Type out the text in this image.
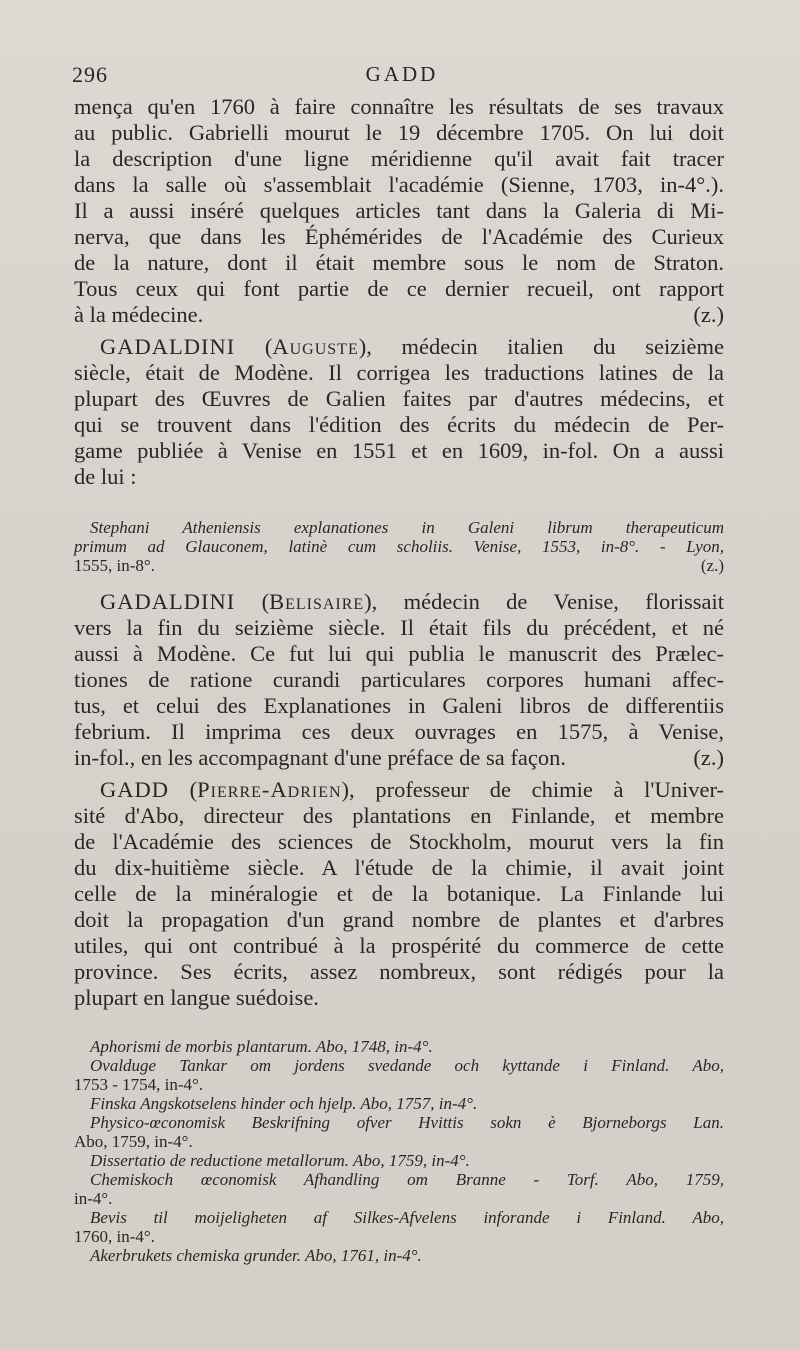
296	GADD
mença qu'en 1760 à faire connaître les résultats de ses travaux
au public. Gabrielli mourut le 19 décembre 1705. On lui doit
la description d'une ligne méridienne qu'il avait fait tracer
dans la salle où s'assemblait l'académie (Sienne, 1703, in-4°.).
Il a aussi inséré quelques articles tant dans la Galeria di Mi-
nerva, que dans les Éphémérides de l'Académie des Curieux
de la nature, dont il était membre sous le nom de Straton.
Tous ceux qui font partie de ce dernier recueil, ont rapport
à la médecine.	(z.)
GADALDINI (Auguste), médecin italien du seizième
siècle, était de Modène. Il corrigea les traductions latines de la
plupart des Œuvres de Galien faites par d'autres médecins, et
qui se trouvent dans l'édition des écrits du médecin de Per-
game publiée à Venise en 1551 et en 1609, in-fol. On a aussi
de lui :
Stephani Atheniensis explanationes in Galeni librum therapeuticum
primum ad Glauconem, latinè cum scholiis. Venise, 1553, in-8°. - Lyon,
1555, in-8°.	(z.)
GADALDINI (Belisaire), médecin de Venise, florissait
vers la fin du seizième siècle. Il était fils du précédent, et né
aussi à Modène. Ce fut lui qui publia le manuscrit des Prælec-
tiones de ratione curandi particulares corpores humani affec-
tus, et celui des Explanationes in Galeni libros de differentiis
febrium. Il imprima ces deux ouvrages en 1575, à Venise,
in-fol., en les accompagnant d'une préface de sa façon.	(z.)
GADD (Pierre-Adrien), professeur de chimie à l'Univer-
sité d'Abo, directeur des plantations en Finlande, et membre
de l'Académie des sciences de Stockholm, mourut vers la fin
du dix-huitième siècle. A l'étude de la chimie, il avait joint
celle de la minéralogie et de la botanique. La Finlande lui
doit la propagation d'un grand nombre de plantes et d'arbres
utiles, qui ont contribué à la prospérité du commerce de cette
province. Ses écrits, assez nombreux, sont rédigés pour la
plupart en langue suédoise.
Aphorismi de morbis plantarum. Abo, 1748, in-4°.
Ovalduge Tankar om jordens svedande och kyttande i Finland. Abo,
1753 - 1754, in-4°.
Finska Angskotselens hinder och hjelp. Abo, 1757, in-4°.
Physico-œconomisk Beskrifning ofver Hvittis sokn è Bjorneborgs Lan.
Abo, 1759, in-4°.
Dissertatio de reductione metallorum. Abo, 1759, in-4°.
Chemiskoch œconomisk Afhandling om Branne - Torf. Abo, 1759,
in-4°.
Bevis til moijeligheten af Silkes-Afvelens inforande i Finland. Abo,
1760, in-4°.
Akerbrukets chemiska grunder. Abo, 1761, in-4°.
